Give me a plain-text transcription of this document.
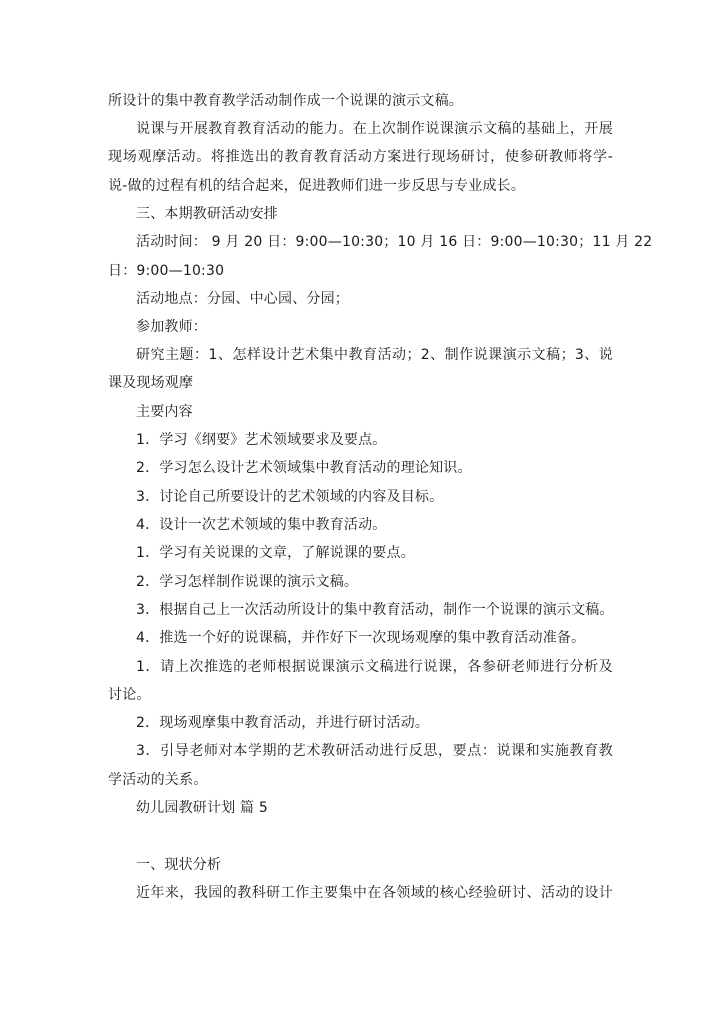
所设计的集中教育教学活动制作成一个说课的演示文稿。
说课与开展教育教育活动的能力。在上次制作说课演示文稿的基础上，开展
现场观摩活动。将推选出的教育教育活动方案进行现场研讨，使参研教师将学-
说-做的过程有机的结合起来，促进教师们进一步反思与专业成长。
三、本期教研活动安排
活动时间： 9 月 20 日：9:00—10:30；10 月 16 日：9:00—10:30；11 月 22
日：9:00—10:30
活动地点：分园、中心园、分园；
参加教师：
研究主题：1、怎样设计艺术集中教育活动；2、制作说课演示文稿；3、说
课及现场观摩
主要内容
1．学习《纲要》艺术领域要求及要点。
2．学习怎么设计艺术领域集中教育活动的理论知识。
3．讨论自己所要设计的艺术领域的内容及目标。
4．设计一次艺术领域的集中教育活动。
1．学习有关说课的文章，了解说课的要点。
2．学习怎样制作说课的演示文稿。
3．根据自己上一次活动所设计的集中教育活动，制作一个说课的演示文稿。
4．推选一个好的说课稿，并作好下一次现场观摩的集中教育活动准备。
1．请上次推选的老师根据说课演示文稿进行说课，各参研老师进行分析及
讨论。
2．现场观摩集中教育活动，并进行研讨活动。
3．引导老师对本学期的艺术教研活动进行反思，要点：说课和实施教育教
学活动的关系。
幼儿园教研计划 篇 5
一、现状分析
近年来，我园的教科研工作主要集中在各领域的核心经验研讨、活动的设计
